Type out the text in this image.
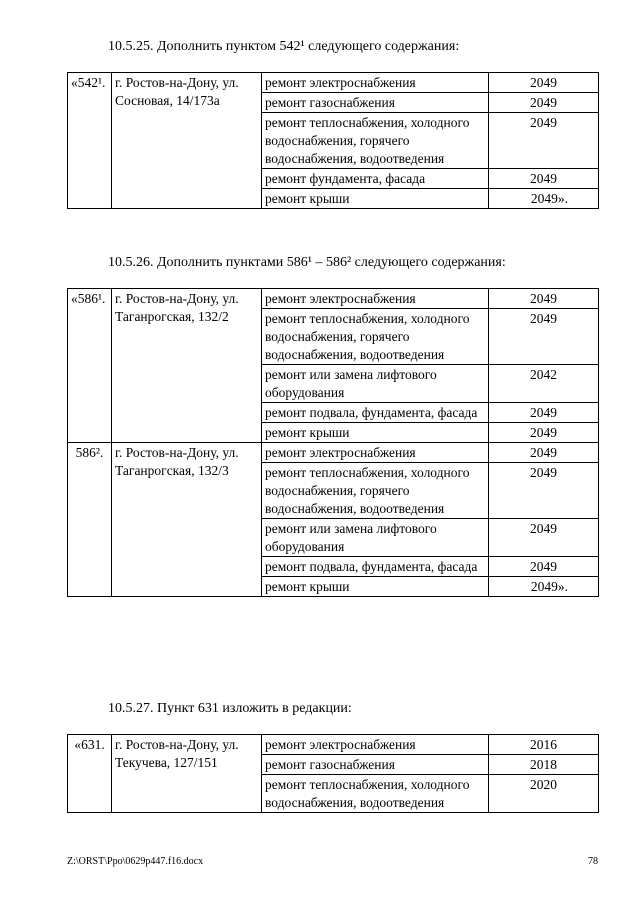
10.5.25. Дополнить пунктом 542¹ следующего содержания:
«542¹.	г. Ростов-на-Дону, ул. Сосновая, 14/173а	ремонт электроснабжения	2049
		ремонт газоснабжения	2049
		ремонт теплоснабжения, холодного водоснабжения, горячего водоснабжения, водоотведения	2049
		ремонт фундамента, фасада	2049
		ремонт крыши	2049».
10.5.26. Дополнить пунктами 586¹ – 586² следующего содержания:
«586¹.	г. Ростов-на-Дону, ул. Таганрогская, 132/2	ремонт электроснабжения	2049
		ремонт теплоснабжения, холодного водоснабжения, горячего водоснабжения, водоотведения	2049
		ремонт или замена лифтового оборудования	2042
		ремонт подвала, фундамента, фасада	2049
		ремонт крыши	2049
586².	г. Ростов-на-Дону, ул. Таганрогская, 132/3	ремонт электроснабжения	2049
		ремонт теплоснабжения, холодного водоснабжения, горячего водоснабжения, водоотведения	2049
		ремонт или замена лифтового оборудования	2049
		ремонт подвала, фундамента, фасада	2049
		ремонт крыши	2049».
10.5.27. Пункт 631 изложить в редакции:
«631.	г. Ростов-на-Дону, ул. Текучева, 127/151	ремонт электроснабжения	2016
		ремонт газоснабжения	2018
		ремонт теплоснабжения, холодного водоснабжения, водоотведения	2020
Z:\ORST\Ppo\0629p447.f16.docx	78
